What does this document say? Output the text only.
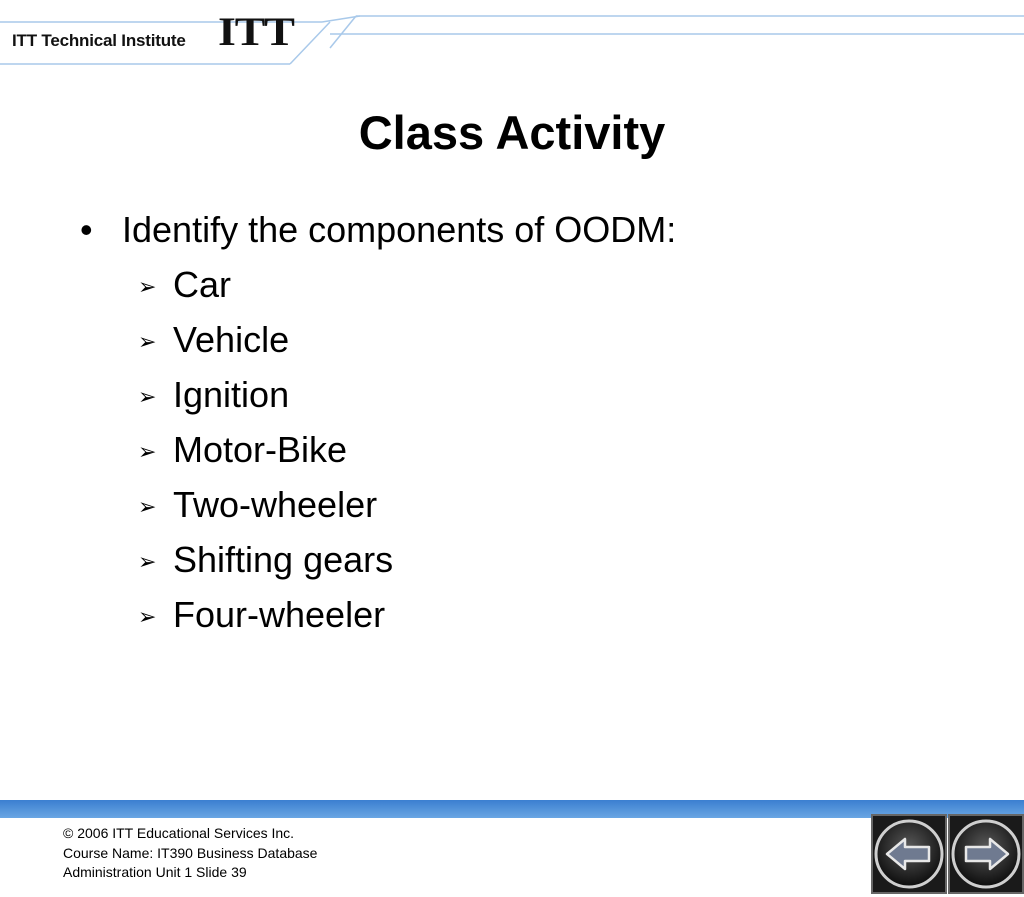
ITT Technical Institute ITT
Class Activity
• Identify the components of OODM:
➢ Car
➢ Vehicle
➢ Ignition
➢ Motor-Bike
➢ Two-wheeler
➢ Shifting gears
➢ Four-wheeler
© 2006 ITT Educational Services Inc.
Course Name: IT390 Business Database
Administration Unit 1 Slide 39
